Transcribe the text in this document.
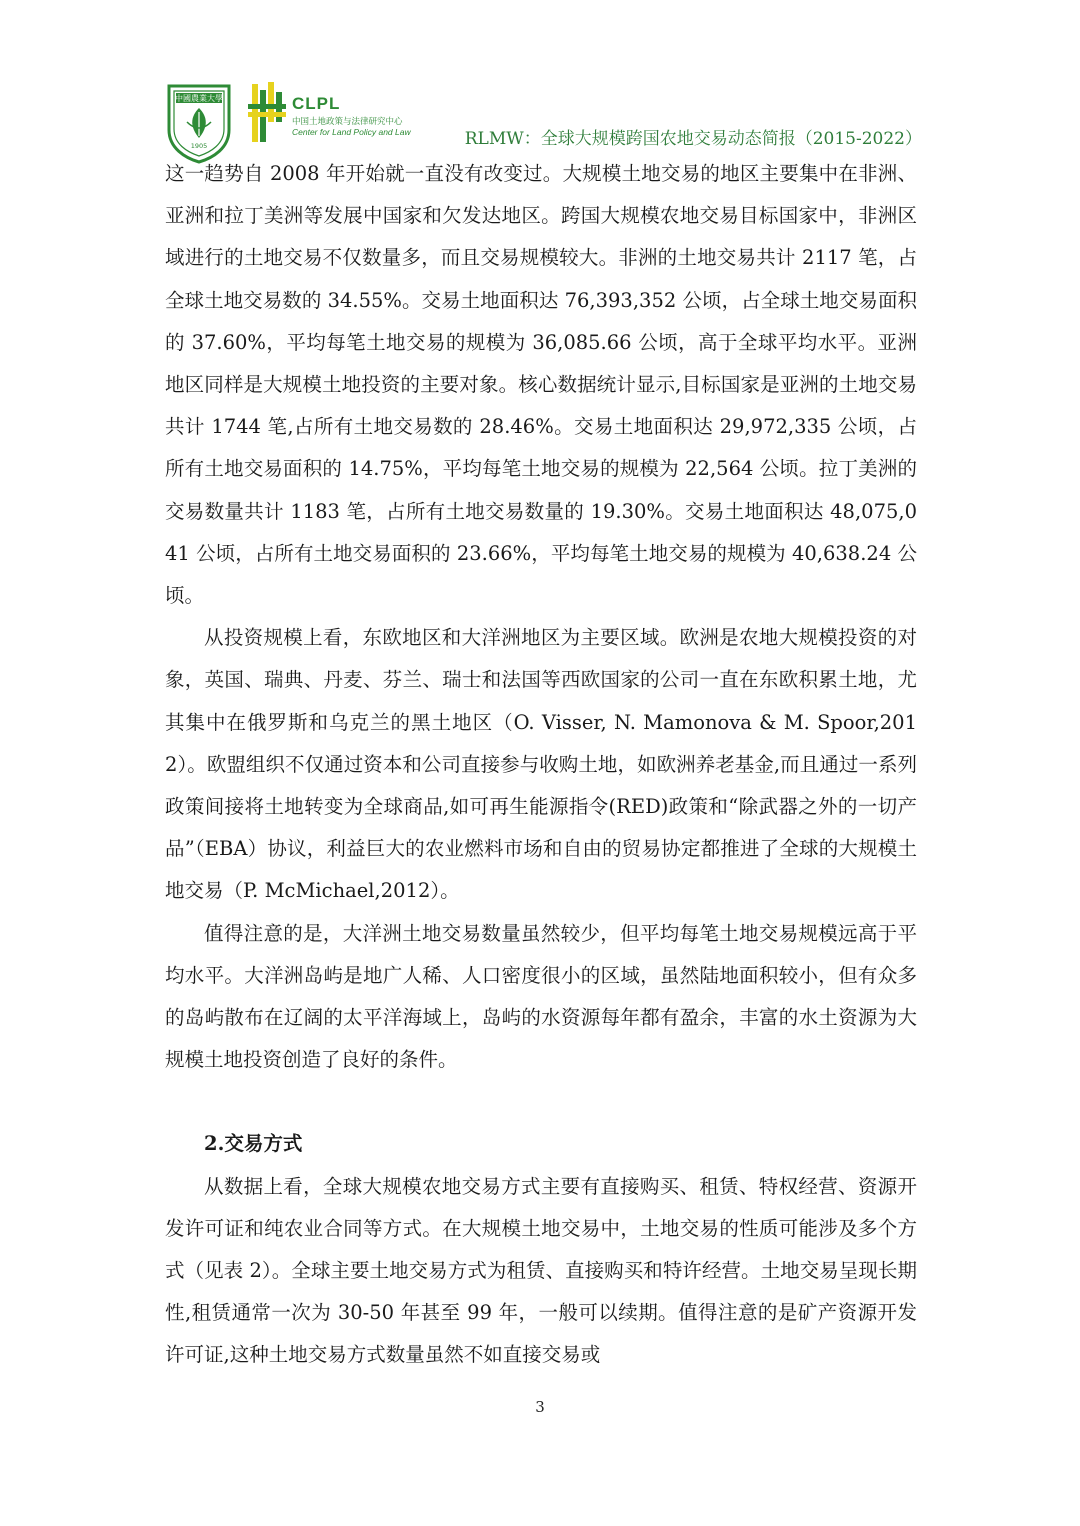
中國農業大學
1905
CLPL
中国土地政策与法律研究中心
Center for Land Policy and Law	RLMW：全球大规模跨国农地交易动态简报（2015-2022）

这一趋势自 2008 年开始就一直没有改变过。大规模土地交易的地区主要集中在非洲、亚洲和拉丁美洲等发展中国家和欠发达地区。跨国大规模农地交易目标国家中，非洲区域进行的土地交易不仅数量多，而且交易规模较大。非洲的土地交易共计 2117 笔，占全球土地交易数的 34.55%。交易土地面积达 76,393,352 公顷，占全球土地交易面积的 37.60%，平均每笔土地交易的规模为 36,085.66 公顷，高于全球平均水平。亚洲地区同样是大规模土地投资的主要对象。核心数据统计显示,目标国家是亚洲的土地交易共计 1744 笔,占所有土地交易数的 28.46%。交易土地面积达 29,972,335 公顷，占所有土地交易面积的 14.75%，平均每笔土地交易的规模为 22,564 公顷。拉丁美洲的交易数量共计 1183 笔，占所有土地交易数量的 19.30%。交易土地面积达 48,075,041 公顷，占所有土地交易面积的 23.66%，平均每笔土地交易的规模为 40,638.24 公顷。

从投资规模上看，东欧地区和大洋洲地区为主要区域。欧洲是农地大规模投资的对象，英国、瑞典、丹麦、芬兰、瑞士和法国等西欧国家的公司一直在东欧积累土地，尤其集中在俄罗斯和乌克兰的黑土地区（O. Visser, N. Mamonova & M. Spoor,2012）。欧盟组织不仅通过资本和公司直接参与收购土地，如欧洲养老基金,而且通过一系列政策间接将土地转变为全球商品,如可再生能源指令(RED)政策和“除武器之外的一切产品”（EBA）协议，利益巨大的农业燃料市场和自由的贸易协定都推进了全球的大规模土地交易（P. McMichael,2012）。

值得注意的是，大洋洲土地交易数量虽然较少，但平均每笔土地交易规模远高于平均水平。大洋洲岛屿是地广人稀、人口密度很小的区域，虽然陆地面积较小，但有众多的岛屿散布在辽阔的太平洋海域上，岛屿的水资源每年都有盈余，丰富的水土资源为大规模土地投资创造了良好的条件。

2.交易方式

从数据上看，全球大规模农地交易方式主要有直接购买、租赁、特权经营、资源开发许可证和纯农业合同等方式。在大规模土地交易中，土地交易的性质可能涉及多个方式（见表 2）。全球主要土地交易方式为租赁、直接购买和特许经营。土地交易呈现长期性,租赁通常一次为 30-50 年甚至 99 年，一般可以续期。值得注意的是矿产资源开发许可证,这种土地交易方式数量虽然不如直接交易或

3
